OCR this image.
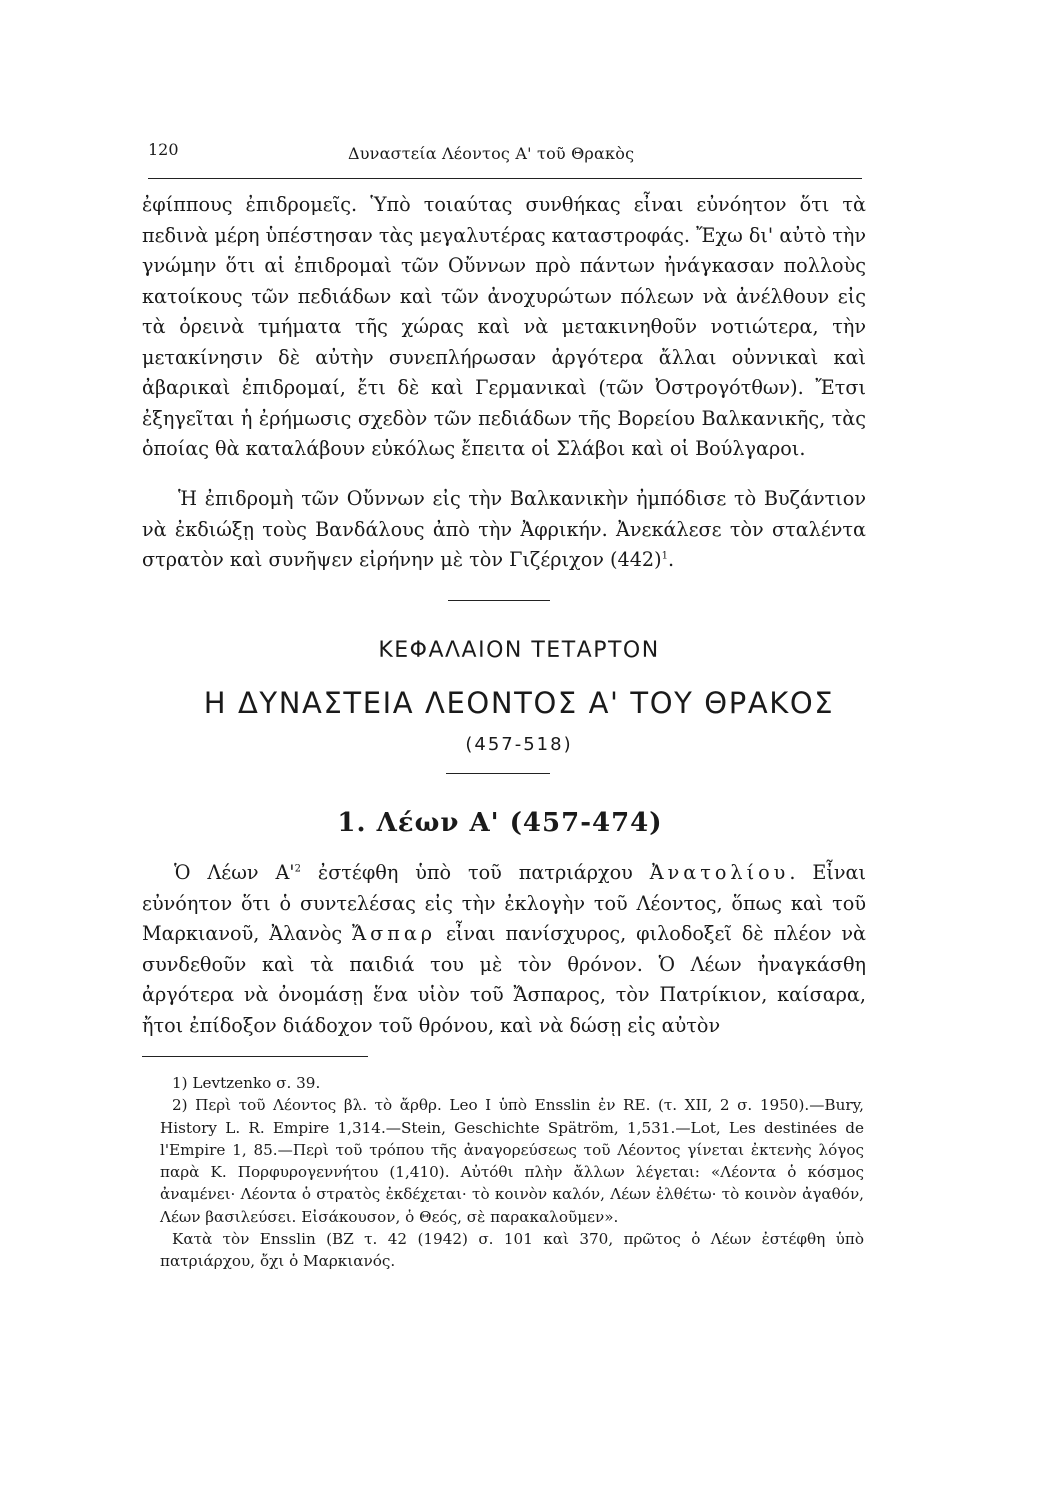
120	Δυναστεία Λέοντος Α' τοῦ Θρακὸς

ἐφίππους ἐπιδρομεῖς. Ὑπὸ τοιαύτας συνθήκας εἶναι εὐνόητον ὅτι τὰ πεδινὰ μέρη ὑπέστησαν τὰς μεγαλυτέρας καταστροφάς. Ἔχω δι' αὐτὸ τὴν γνώμην ὅτι αἱ ἐπιδρομαὶ τῶν Οὔννων πρὸ πάντων ἠνάγκασαν πολλοὺς κατοίκους τῶν πεδιάδων καὶ τῶν ἀνοχυρώτων πόλεων νὰ ἀνέλθουν εἰς τὰ ὀρεινὰ τμήματα τῆς χώρας καὶ νὰ μετακινηθοῦν νοτιώτερα, τὴν μετακίνησιν δὲ αὐτὴν συνεπλήρωσαν ἀργότερα ἄλλαι οὐννικαὶ καὶ ἀβαρικαὶ ἐπιδρομαί, ἔτι δὲ καὶ Γερμανικαὶ (τῶν Ὀστρογότθων). Ἔτσι ἐξηγεῖται ἡ ἐρήμωσις σχεδὸν τῶν πεδιάδων τῆς Βορείου Βαλκανικῆς, τὰς ὁποίας θὰ καταλάβουν εὐκόλως ἔπειτα οἱ Σλάβοι καὶ οἱ Βούλγαροι.

Ἡ ἐπιδρομὴ τῶν Οὔννων εἰς τὴν Βαλκανικὴν ἠμπόδισε τὸ Βυζάντιον νὰ ἐκδιώξῃ τοὺς Βανδάλους ἀπὸ τὴν Ἀφρικήν. Ἀνεκάλεσε τὸν σταλέντα στρατὸν καὶ συνῆψεν εἰρήνην μὲ τὸν Γιζέριχον $(442)^1$.

ΚΕΦΑΛΑΙΟΝ ΤΕΤΑΡΤΟΝ
Η ΔΥΝΑΣΤΕΙΑ ΛΕΟΝΤΟΣ Α' ΤΟΥ ΘΡΑΚΟΣ
(457-518)
1. Λέων Α' (457-474)

Ὁ Λέων $A'^2$ ἐστέφθη ὑπὸ τοῦ πατριάρχου Ἀνατολίου. Εἶναι εὐνόητον ὅτι ὁ συντελέσας εἰς τὴν ἐκλογὴν τοῦ Λέοντος, ὅπως καὶ τοῦ Μαρκιανοῦ, Ἀλανὸς Ἄσπαρ εἶναι πανίσχυρος, φιλοδοξεῖ δὲ πλέον νὰ συνδεθοῦν καὶ τὰ παιδιά του μὲ τὸν θρόνον. Ὁ Λέων ἠναγκάσθη ἀργότερα νὰ ὀνομάσῃ ἕνα υἱὸν τοῦ Ἄσπαρος, τὸν Πατρίκιον, καίσαρα, ἤτοι ἐπίδοξον διάδοχον τοῦ θρόνου, καὶ νὰ δώσῃ εἰς αὐτὸν

1) Levtzenko σ. 39.

2) Περὶ τοῦ Λέοντος βλ. τὸ ἄρθρ. Leo I ὑπὸ Ensslin ἐν RE. (τ. XII, 2 σ. 1950).—Bury, History L. R. Empire 1,314.—Stein, Geschichte Spätröm, 1,531.—Lot, Les destinées de l'Empire 1, 85.—Περὶ τοῦ τρόπου τῆς ἀναγορεύσεως τοῦ Λέοντος γίνεται ἐκτενὴς λόγος παρὰ Κ. Πορφυρογεννήτου (1,410). Αὐτόθι πλὴν ἄλλων λέγεται: «Λέοντα ὁ κόσμος ἀναμένει· Λέοντα ὁ στρατὸς ἐκδέχεται· τὸ κοινὸν καλόν, Λέων ἐλθέτω· τὸ κοινὸν ἀγαθόν, Λέων βασιλεύσει. Εἰσάκουσον, ὁ Θεός, σὲ παρακαλοῦμεν».

Κατὰ τὸν Ensslin (BZ τ. 42 (1942) σ. 101 καὶ 370, πρῶτος ὁ Λέων ἐστέφθη ὑπὸ πατριάρχου, ὄχι ὁ Μαρκιανός.
